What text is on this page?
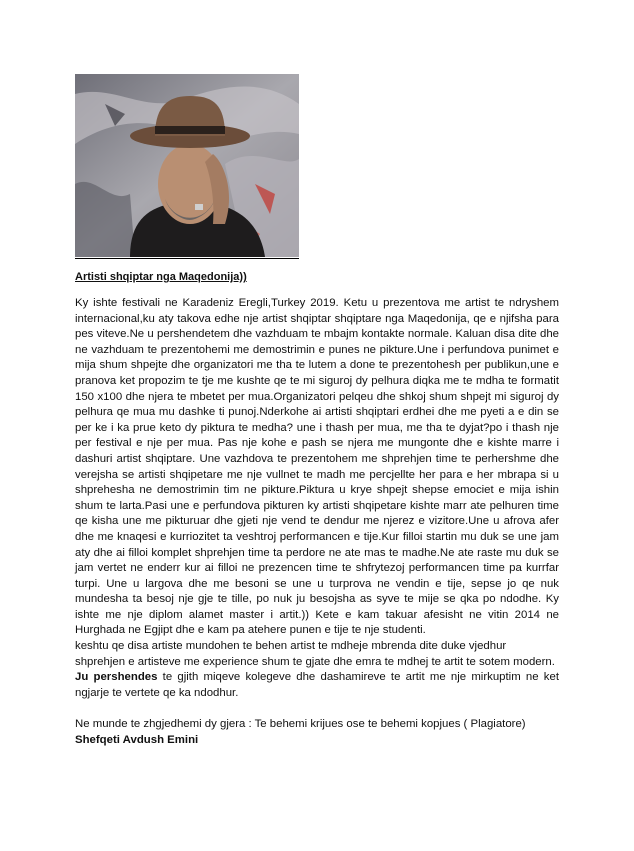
Artisti shqiptar nga Maqedonija))

Ky ishte festivali ne Karadeniz Eregli,Turkey 2019. Ketu u prezentova me artist te ndryshem internacional,ku aty takova edhe nje artist shqiptar shqiptare nga Maqedonija, qe e njifsha para pes viteve.Ne u pershendetem dhe vazhduam te mbajm kontakte normale. Kaluan disa dite dhe ne vazhduam te prezentohemi me demostrimin e punes ne pikture.Une i perfundova punimet e mija shum shpejte dhe organizatori me tha te lutem a done te prezentohesh per publikun,une e pranova ket propozim te tje me kushte qe te mi siguroj dy pelhura diqka me te mdha te formatit 150 x100 dhe njera te mbetet per mua.Organizatori pelqeu dhe shkoj shum shpejt mi siguroj dy pelhura qe mua mu dashke ti punoj.Nderkohe ai artisti shqiptari erdhei dhe me pyeti a e din se per ke i ka prue keto dy piktura te medha? une i thash per mua, me tha te dyjat?po i thash nje per festival e nje per mua. Pas nje kohe e pash se njera me mungonte dhe e kishte marre i dashuri artist shqiptare. Une vazhdova te prezentohem me shprehjen time te perhershme dhe verejsha se artisti shqipetare me nje vullnet te madh me percjellte her para e her mbrapa si u shprehesha ne demostrimin tim ne pikture.Piktura u kryе shpejt shepse emociet e mija ishin shum te larta.Pasi une e perfundova pikturen ky artisti shqipetare kishte marr ate pelhuren time qe kisha une me pikturuar dhe gjeti nje vend te dendur me njerez e vizitore.Une u afrova afer dhe me knaqesi e kurriozitet ta veshtroj performancen e tije.Kur filloi startin mu duk se une jam aty dhe ai filloi komplet shprehjen time ta perdore ne ate mas te madhe.Ne ate raste mu duk se jam vertet ne enderr kur ai filloi ne prezencen time te shfrytezoj performancen time pa kurrfar turpi. Une u largova dhe me besoni se une u turprova ne vendin e tije, sepse jo qe nuk mundesha ta besoj nje gje te tille, po nuk ju besojsha as syve te mije se qka po ndodhe. Ky ishte me nje diplom alamet master i artit.)) Kete e kam takuar afesisht ne vitin 2014 ne Hurghada ne Egjipt dhe e kam pa atehere punen e tije te nje studenti.

keshtu qe disa artiste mundohen te behen artist te mdheje mbrenda dite duke vjedhur shprehjen e artisteve me experience shum te gjate dhe emra te mdhej te artit te sotem modern.

Ju pershendes te gjith miqeve kolegeve dhe dashamireve te artit me nje mirkuptim ne ket ngjarje te vertete qe ka ndodhur.

Ne munde te zhgjedhemi dy gjera : Te behemi krijues ose te behemi kopjues ( Plagiatore)

Shefqeti Avdush Emini
